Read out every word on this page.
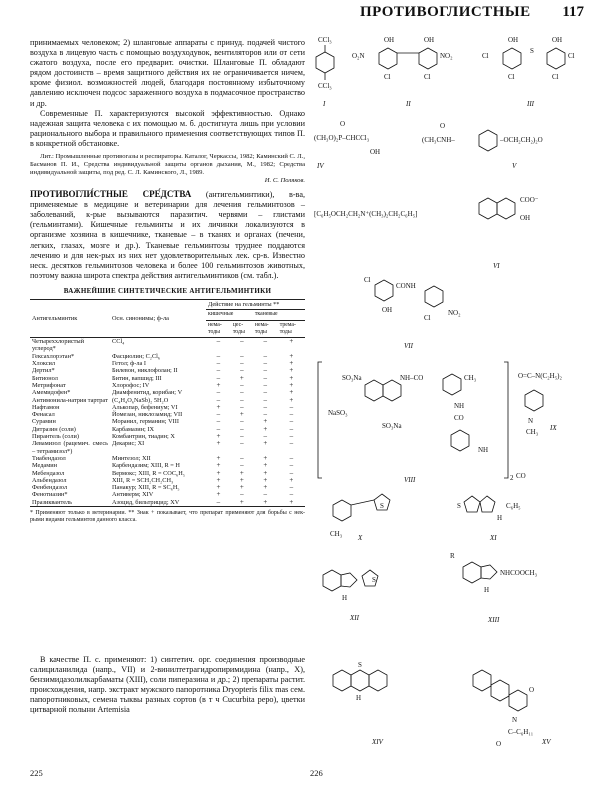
ПРОТИВОГЛИСТНЫЕ 117

принимаемых человеком; 2) шланговые аппараты с принуд. подачей чистого воздуха в лицевую часть с помощью воздуходувок, вентиляторов или от сети сжатого воздуха, после его предварит. очистки. Шланговые П. обладают рядом достоинств – время защитного действия их не ограничивается ничем, кроме физиол. возможностей людей, благодаря постоянному избыточному давлению исключен подсос зараженного воздуха в подмасочное пространство и др.

Современные П. характеризуются высокой эффективностью. Однако надежная защита человека с их помощью м. б. достигнута лишь при условии рационального выбора и правильного применения соответствующих типов П. в конкретной обстановке.

Лит.: Промышленные противогазы и респираторы. Каталог, Черкассы, 1982; Каминский С. Л., Басманов П. И., Средства индивидуальной защиты органов дыхания, М., 1982; Средства индивидуальной защиты, под ред. С. Л. Каминского, Л., 1989.

И. С. Поляков.

ПРОТИВОГЛИ́СТНЫЕ СРЕ́ДСТВА (антигельминтики), в-ва, применяемые в медицине и ветеринарии для лечения гельминтозов – заболеваний, к-рые вызываются паразитич. червями – глистами (гельминтами). Кишечные гельминты и их личинки локализуются в организме хозяина в кишечнике, тканевые – в тканях и органах (печени, легких, глазах, мозге и др.). Тканевые гельминтозы труднее поддаются лечению и для нек-рых из них нет удовлетворительных лек. ср-в. Известно неск. десятков гельминтозов человека и более 100 гельминтозов животных, поэтому важна широта спектра действия антигельминтиков (см. табл.).

ВАЖНЕЙШИЕ СИНТЕТИЧЕСКИЕ АНТИГЕЛЬМИНТИКИ

Антигельминтик	Осн. синонимы; ф-ла	Действие на гельминты **			
		кишечные		тканевые	
		нема-тоды	цес-тоды	нема-тоды	трема-тоды
Четыреххлористый углерод*	CCl₄	–	–	–	+
Гексахлорэтан*	Фасциолин; C₂Cl₆	–	–	–	+
Хлоксил	Гетол; ф-ла I	–	–	–	+
Дертил*	Билевон, никлофолан; II	–	–	–	+
Битионол	Битин, вапшид; III	–	+	–	+
Метрифонат	Хлорофос; IV	+	–	–	+
Амемидофен*	Диамфенитид, корибан; V	–	–	–	+
Антимонила-натрия тартрат	(C₄H₄O₆NaSb)₂ 5H₂O	–	–	–	+
Нафтамон	Алькопар, бефениум; VI	+	–	–	–
Фенасал	Йомезан, никлозамид; VII	–	+	–	–
Сурамин	Моранил, германин; VIII	–	–	+	–
Дитразин (соли)	Карбамазин; IX	–	–	+	–
Пирантель (соли)	Комбантрин, тиадин; X	+	–	–	–
Левамизол (рацемич. смесь – тетрамизол*)	Декарис; XI	+	–	+	–
Тиабендазол	Минтезол; XII	+	–	+	–
Медамин	Карбендазим; XIII, R = H	+	–	+	–
Мебендазол	Вермокс; XIII, R = COC₆H₅	+	+	+	–
Альбендазол	XIII, R = SCH₂CH₂CH₃	+	+	+	+
Фенбендазол	Панакур; XIII, R = SC₆H₅	+	+	+	–
Фенотиазин*	Антиверм; XIV	+	–	–	–
Празиквантель	Азоцид, бильтрицид; XV	–	+	+	+

* Применяют только в ветеринарии. ** Знак + показывает, что препарат применяют для борьбы с нек-рыми видами гельминтов данного класса.

В качестве П. с. применяют: 1) синтетич. орг. соединения производные салициланилида (напр., VII) и 2-винилтетрагидропиримидина (напр., X), бензимидазолилкарбаматы (XIII), соли пиперазина и др.; 2) препараты растит. происхождения, напр. экстракт мужского папоротника Dryopteris filix mas сем. папоротниковых, семена тыквы разных сортов (в т ч Cucurbita pepo), цветки цитварной полыни Artemisia

225	226
CCl₃
CCl₃
I
OH	OH
O₂N	NO₂
Cl	Cl
II
OH	OH
S
Cl	Cl
Cl	Cl
III
O
(CH₃O)₂P–CHCCl₃
OH
IV
O
(CH₃CNH–	–OCH₂CH₂)₂O
V
[C₆H₅OCH₂CH₂N⁺(CH₃)₂CH₂C₆H₅]
COO⁻
OH
VI
Cl
CONH
OH
Cl
NO₂
VII
SO₃Na	NH–CO	CH₃
NaSO₃
SO₃Na
NH
CO
NH
2 CO
VIII
O=C–N(C₂H₅)₂
N
CH₃ IX
S
CH₃ X
S
H
C₆H₅
XI
H
S
XII
R
NHCOOCH₃
H
XIII
S
H
XIV
O
N
C–C₆H₁₁
O	XV
